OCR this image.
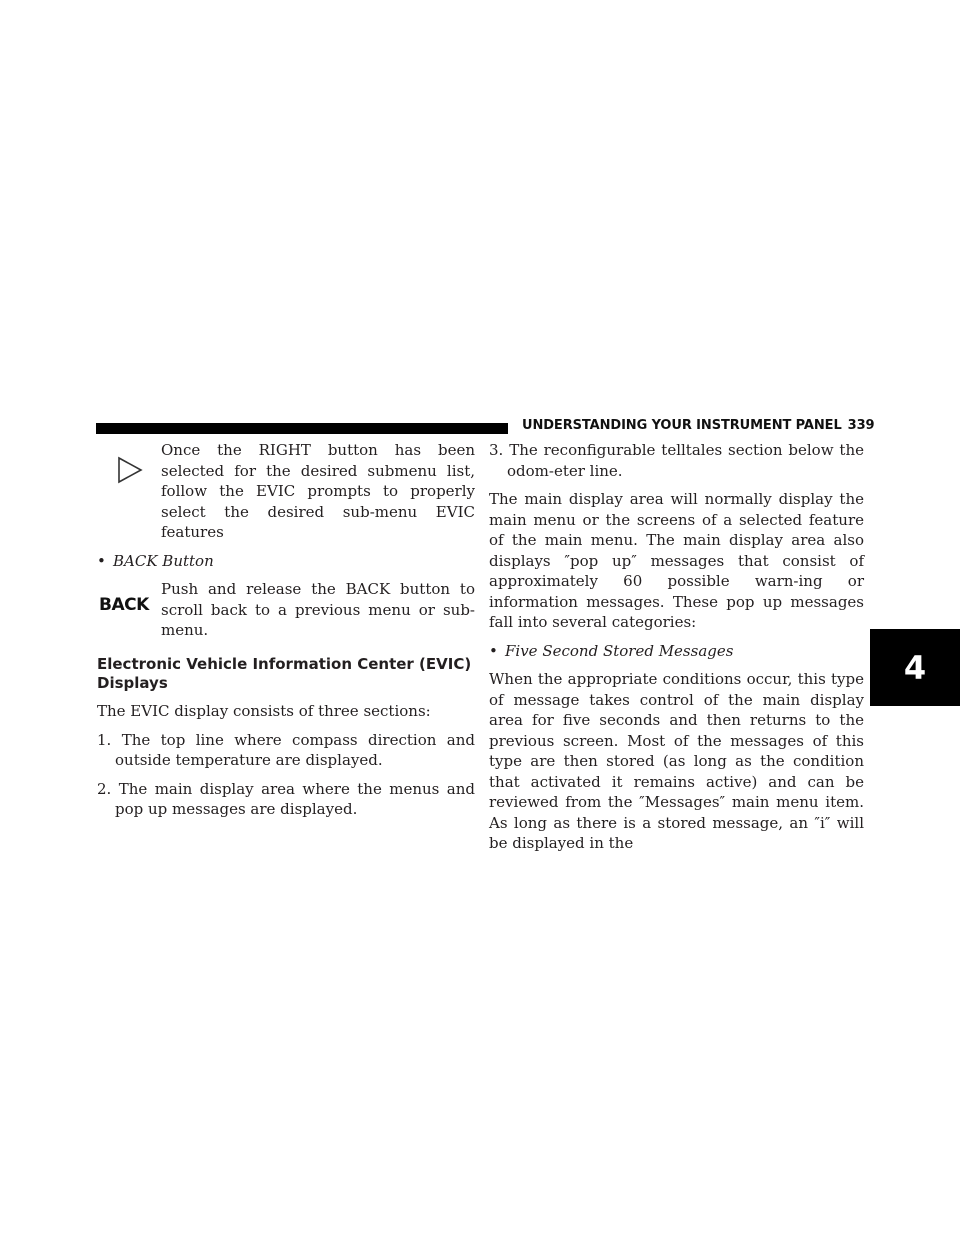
UNDERSTANDING YOUR INSTRUMENT PANEL 339
4

Once the RIGHT button has been selected for the desired submenu list, follow the EVIC prompts to properly select the desired sub-menu EVIC features

• BACK Button

BACK

Push and release the BACK button to scroll back to a previous menu or sub-menu.

Electronic Vehicle Information Center (EVIC)
Displays

The EVIC display consists of three sections:

1. The top line where compass direction and outside temperature are displayed.

2. The main display area where the menus and pop up messages are displayed.

3. The reconfigurable telltales section below the odom-eter line.

The main display area will normally display the main menu or the screens of a selected feature of the main menu. The main display area also displays ″pop up″ messages that consist of approximately 60 possible warn-ing or information messages. These pop up messages fall into several categories:

• Five Second Stored Messages

When the appropriate conditions occur, this type of message takes control of the main display area for five seconds and then returns to the previous screen. Most of the messages of this type are then stored (as long as the condition that activated it remains active) and can be reviewed from the ″Messages″ main menu item. As long as there is a stored message, an ″i″ will be displayed in the
